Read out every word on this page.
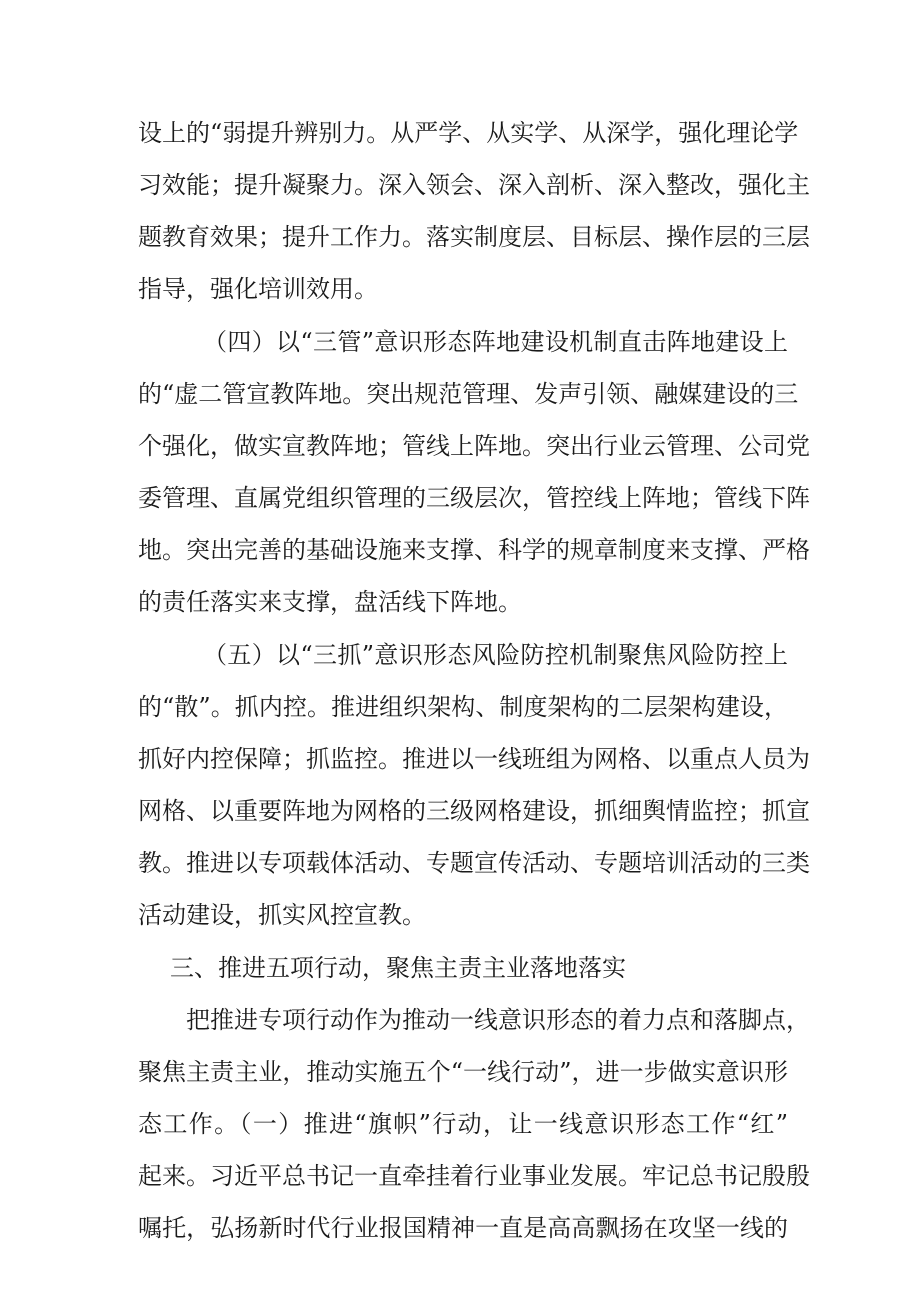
设上的“弱提升辨别力。从严学、从实学、从深学，强化理论学
习效能；提升凝聚力。深入领会、深入剖析、深入整改，强化主
题教育效果；提升工作力。落实制度层、目标层、操作层的三层
指导，强化培训效用。
（四）以“三管”意识形态阵地建设机制直击阵地建设上
的“虚二管宣教阵地。突出规范管理、发声引领、融媒建设的三
个强化，做实宣教阵地；管线上阵地。突出行业云管理、公司党
委管理、直属党组织管理的三级层次，管控线上阵地；管线下阵
地。突出完善的基础设施来支撑、科学的规章制度来支撑、严格
的责任落实来支撑，盘活线下阵地。
（五）以“三抓”意识形态风险防控机制聚焦风险防控上
的“散”。抓内控。推进组织架构、制度架构的二层架构建设，
抓好内控保障；抓监控。推进以一线班组为网格、以重点人员为
网格、以重要阵地为网格的三级网格建设，抓细舆情监控；抓宣
教。推进以专项载体活动、专题宣传活动、专题培训活动的三类
活动建设，抓实风控宣教。
三、推进五项行动，聚焦主责主业落地落实
把推进专项行动作为推动一线意识形态的着力点和落脚点，
聚焦主责主业，推动实施五个“一线行动”，进一步做实意识形
态工作。（一）推进“旗帜”行动，让一线意识形态工作“红”
起来。习近平总书记一直牵挂着行业事业发展。牢记总书记殷殷
嘱托，弘扬新时代行业报国精神一直是高高飘扬在攻坚一线的
